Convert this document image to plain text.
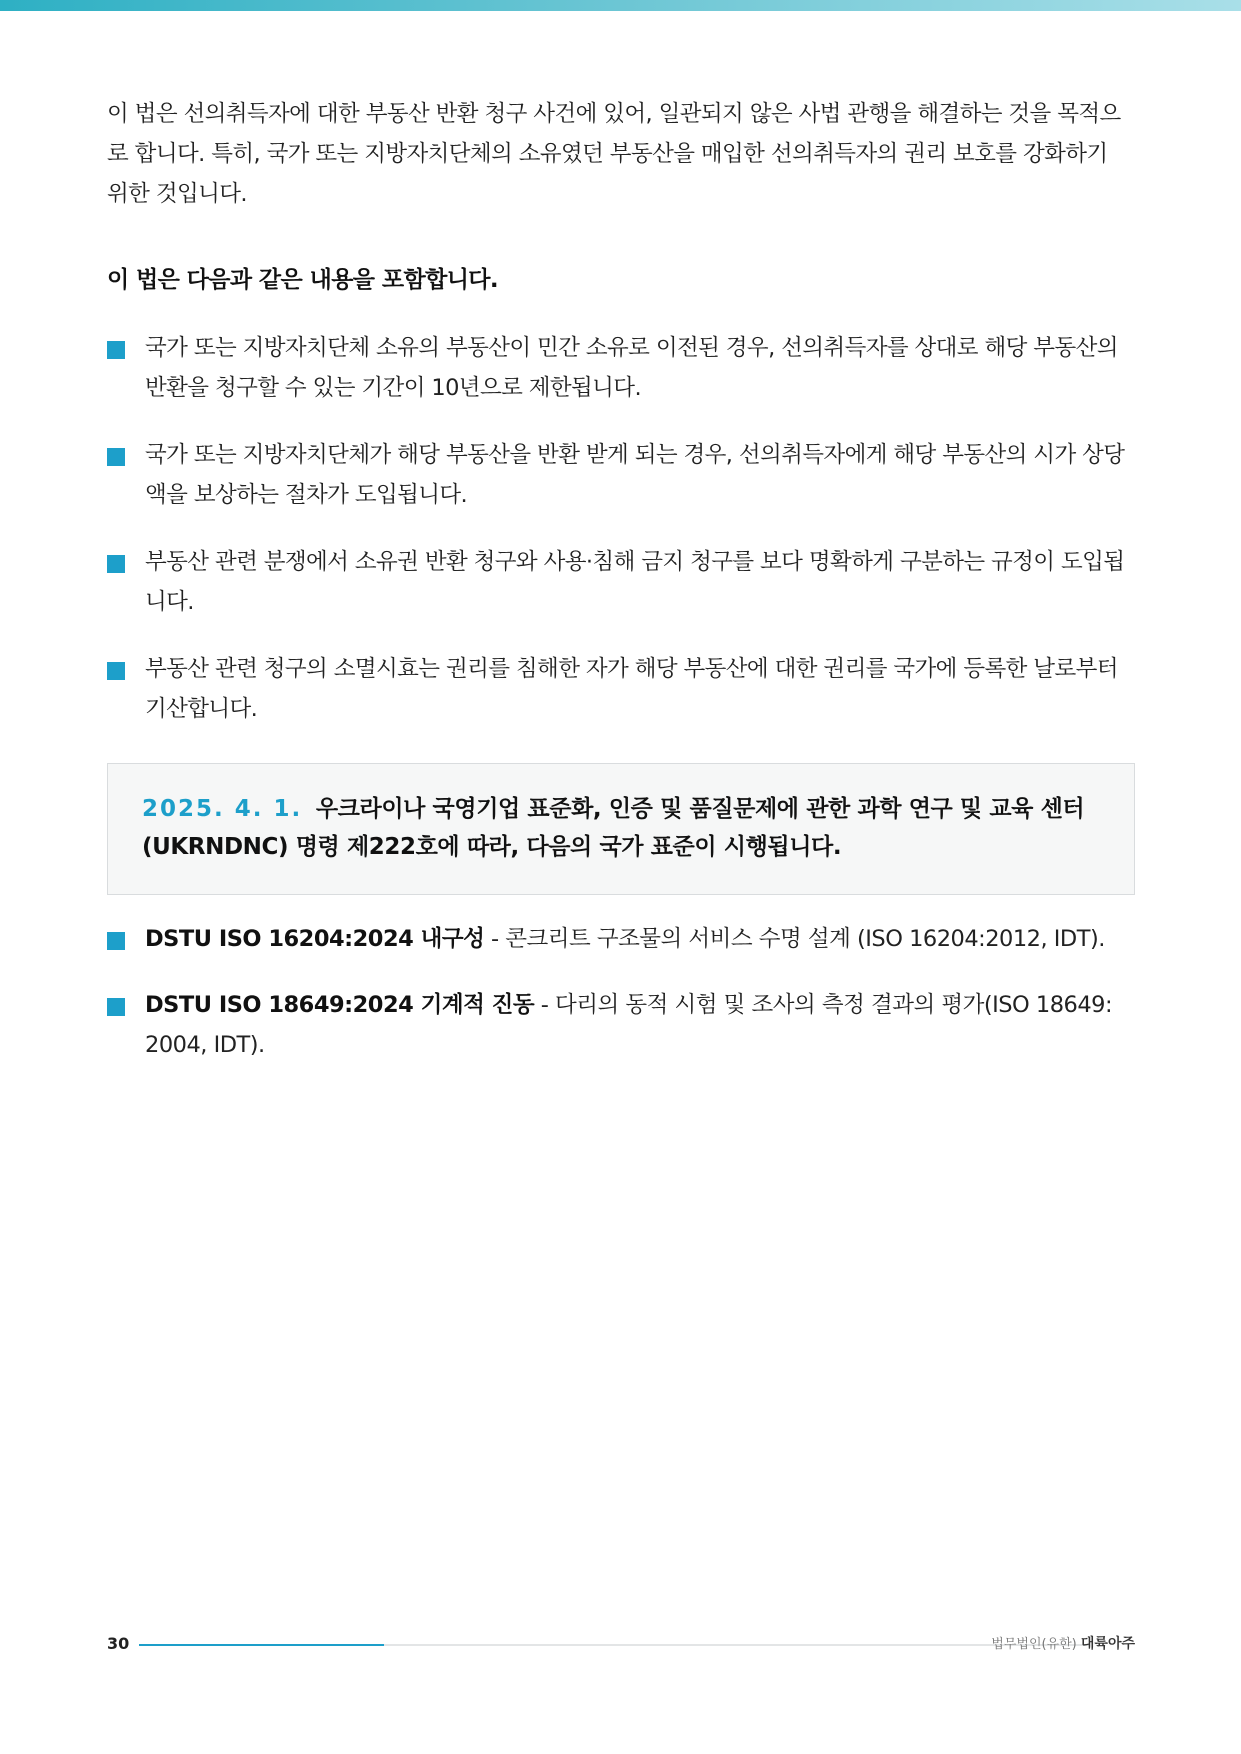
이 법은 선의취득자에 대한 부동산 반환 청구 사건에 있어, 일관되지 않은 사법 관행을 해결하는 것을 목적으로 합니다. 특히, 국가 또는 지방자치단체의 소유였던 부동산을 매입한 선의취득자의 권리 보호를 강화하기 위한 것입니다.

이 법은 다음과 같은 내용을 포함합니다.
국가 또는 지방자치단체 소유의 부동산이 민간 소유로 이전된 경우, 선의취득자를 상대로 해당 부동산의 반환을 청구할 수 있는 기간이 10년으로 제한됩니다.
국가 또는 지방자치단체가 해당 부동산을 반환 받게 되는 경우, 선의취득자에게 해당 부동산의 시가 상당액을 보상하는 절차가 도입됩니다.
부동산 관련 분쟁에서 소유권 반환 청구와 사용·침해 금지 청구를 보다 명확하게 구분하는 규정이 도입됩니다.
부동산 관련 청구의 소멸시효는 권리를 침해한 자가 해당 부동산에 대한 권리를 국가에 등록한 날로부터 기산합니다.
2025. 4. 1. 우크라이나 국영기업 표준화, 인증 및 품질문제에 관한 과학 연구 및 교육 센터 (UKRNDNC) 명령 제222호에 따라, 다음의 국가 표준이 시행됩니다.
DSTU ISO 16204:2024 내구성 - 콘크리트 구조물의 서비스 수명 설계 (ISO 16204:2012, IDT).
DSTU ISO 18649:2024 기계적 진동 - 다리의 동적 시험 및 조사의 측정 결과의 평가(ISO 18649: 2004, IDT).
30	법무법인(유한) 대륙아주
